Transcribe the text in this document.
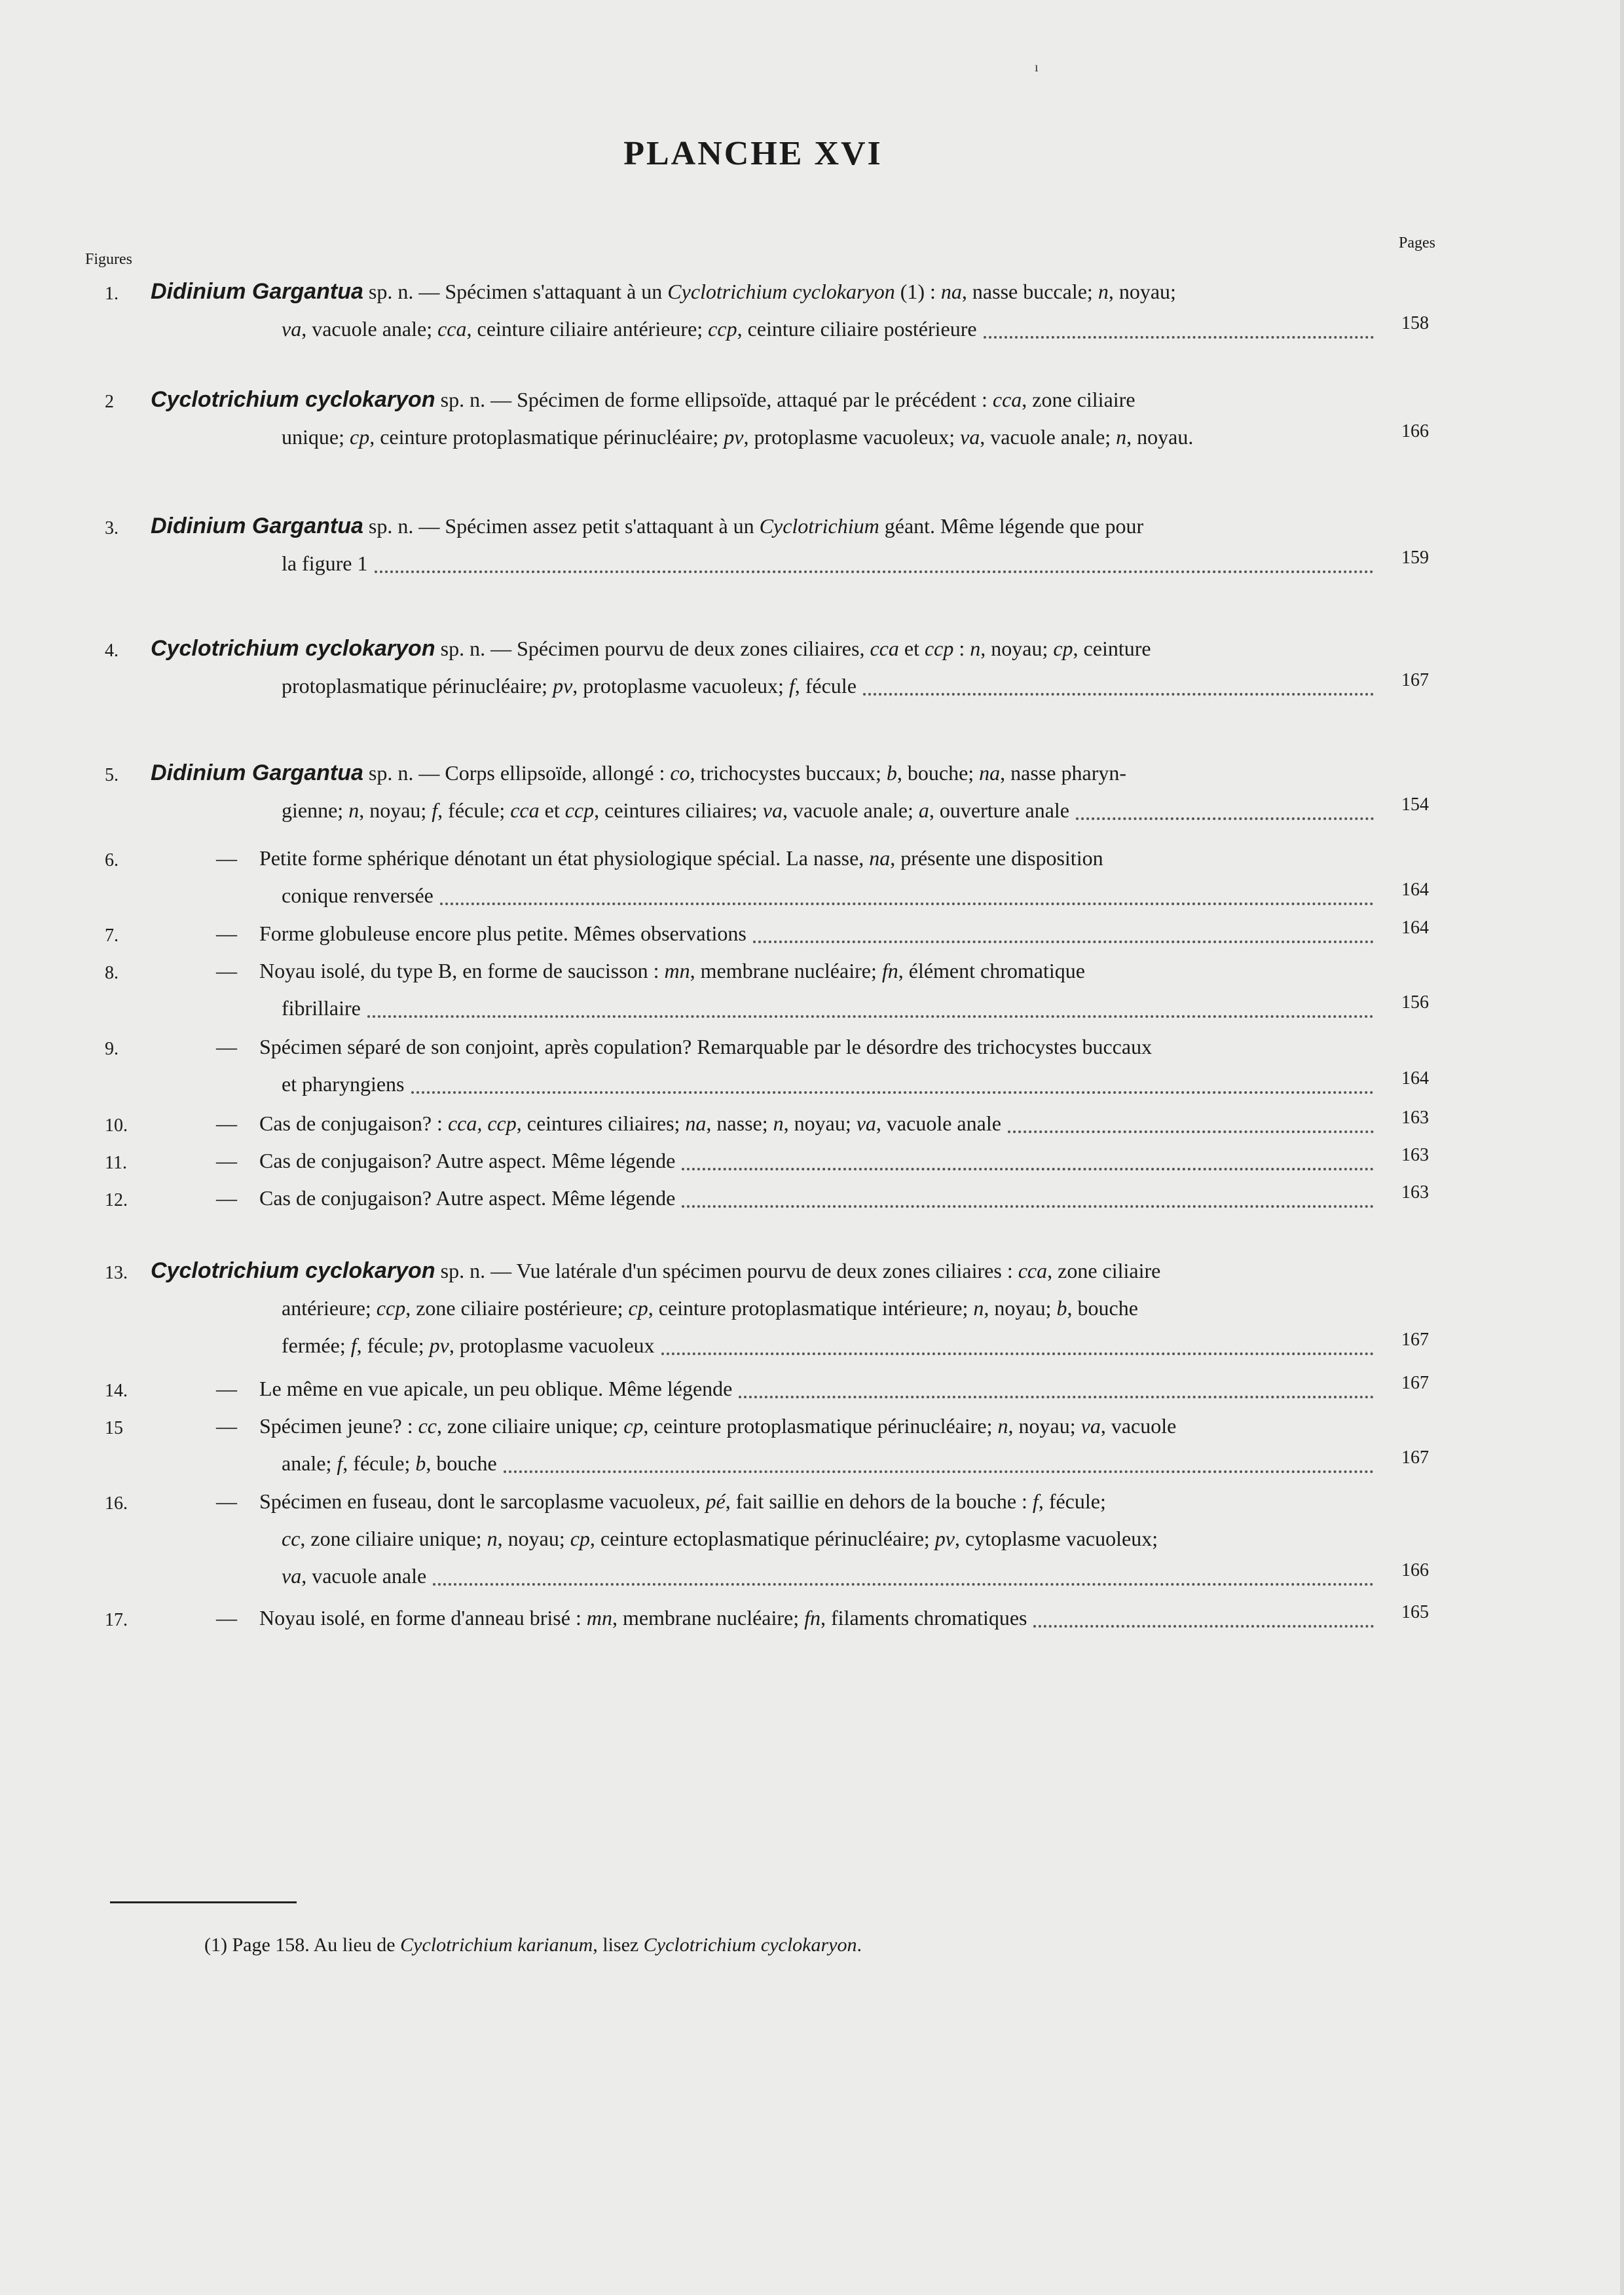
ı
PLANCHE XVI
Figures
Pages
1. Didinium Gargantua sp. n. — Spécimen s'attaquant à un Cyclotrichium cyclokaryon (1) : na, nasse buccale; n, noyau;
va, vacuole anale; cca, ceinture ciliaire antérieure; ccp, ceinture ciliaire postérieure	158
2 Cyclotrichium cyclokaryon sp. n. — Spécimen de forme ellipsoïde, attaqué par le précédent : cca, zone ciliaire
unique; cp, ceinture protoplasmatique périnucléaire; pv, protoplasme vacuoleux; va, vacuole anale; n, noyau.	166
3. Didinium Gargantua sp. n. — Spécimen assez petit s'attaquant à un Cyclotrichium géant. Même légende que pour
la figure 1	159
4. Cyclotrichium cyclokaryon sp. n. — Spécimen pourvu de deux zones ciliaires, cca et ccp : n, noyau; cp, ceinture
protoplasmatique périnucléaire; pv, protoplasme vacuoleux; f, fécule	167
5. Didinium Gargantua sp. n. — Corps ellipsoïde, allongé : co, trichocystes buccaux; b, bouche; na, nasse pharyn-
gienne; n, noyau; f, fécule; cca et ccp, ceintures ciliaires; va, vacuole anale; a, ouverture anale	154
6.	— Petite forme sphérique dénotant un état physiologique spécial. La nasse, na, présente une disposition
conique renversée	164
7.	— Forme globuleuse encore plus petite. Mêmes observations	164
8.	— Noyau isolé, du type B, en forme de saucisson : mn, membrane nucléaire; fn, élément chromatique
fibrillaire	156
9.	— Spécimen séparé de son conjoint, après copulation? Remarquable par le désordre des trichocystes buccaux
et pharyngiens	164
10.	— Cas de conjugaison? : cca, ccp, ceintures ciliaires; na, nasse; n, noyau; va, vacuole anale	163
11.	— Cas de conjugaison? Autre aspect. Même légende	163
12.	— Cas de conjugaison? Autre aspect. Même légende	163
13. Cyclotrichium cyclokaryon sp. n. — Vue latérale d'un spécimen pourvu de deux zones ciliaires : cca, zone ciliaire
antérieure; ccp, zone ciliaire postérieure; cp, ceinture protoplasmatique intérieure; n, noyau; b, bouche
fermée; f, fécule; pv, protoplasme vacuoleux	167
14.	— Le même en vue apicale, un peu oblique. Même légende	167
15	— Spécimen jeune? : cc, zone ciliaire unique; cp, ceinture protoplasmatique périnucléaire; n, noyau; va, vacuole
anale; f, fécule; b, bouche	167
16.	— Spécimen en fuseau, dont le sarcoplasme vacuoleux, pé, fait saillie en dehors de la bouche : f, fécule;
cc, zone ciliaire unique; n, noyau; cp, ceinture ectoplasmatique périnucléaire; pv, cytoplasme vacuoleux;
va, vacuole anale	166
17.	— Noyau isolé, en forme d'anneau brisé : mn, membrane nucléaire; fn, filaments chromatiques	165
(1) Page 158. Au lieu de Cyclotrichium karianum, lisez Cyclotrichium cyclokaryon.
